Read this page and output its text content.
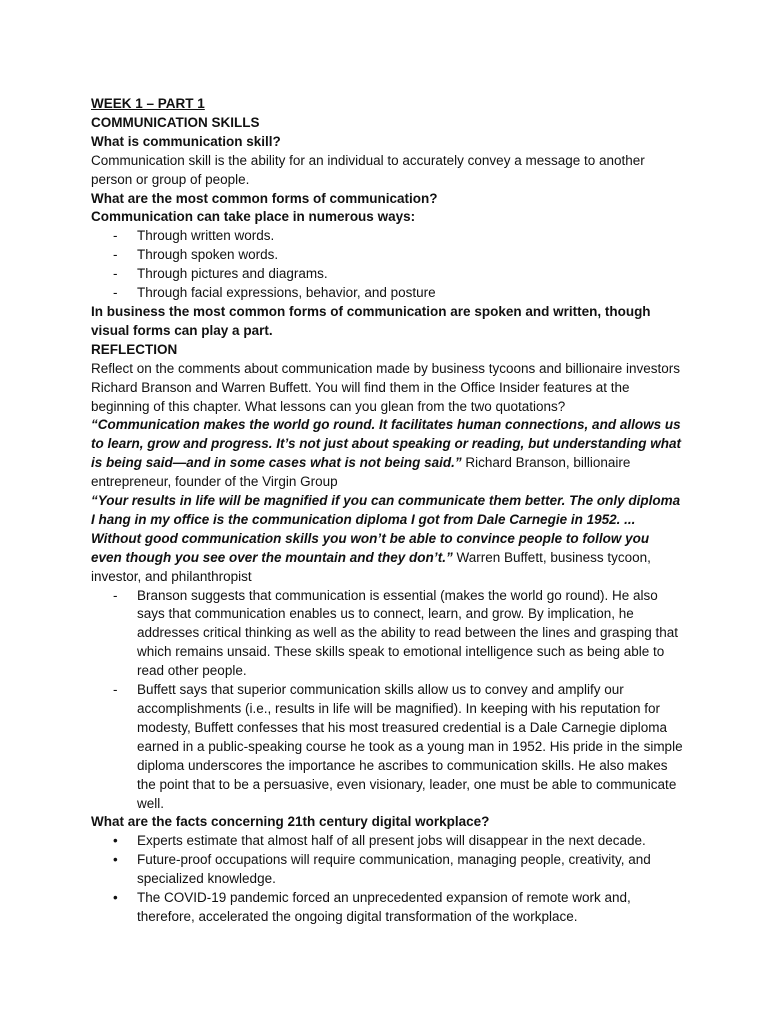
WEEK 1 – PART 1

COMMUNICATION SKILLS

What is communication skill?

Communication skill is the ability for an individual to accurately convey a message to another person or group of people.

What are the most common forms of communication?

Communication can take place in numerous ways:

- Through written words.
- Through spoken words.
- Through pictures and diagrams.
- Through facial expressions, behavior, and posture

In business the most common forms of communication are spoken and written, though visual forms can play a part.

REFLECTION

Reflect on the comments about communication made by business tycoons and billionaire investors Richard Branson and Warren Buffett. You will find them in the Office Insider features at the beginning of this chapter. What lessons can you glean from the two quotations?

“Communication makes the world go round. It facilitates human connections, and allows us to learn, grow and progress. It’s not just about speaking or reading, but understanding what is being said—and in some cases what is not being said.” Richard Branson, billionaire entrepreneur, founder of the Virgin Group

“Your results in life will be magnified if you can communicate them better. The only diploma I hang in my office is the communication diploma I got from Dale Carnegie in 1952. ... Without good communication skills you won’t be able to convince people to follow you even though you see over the mountain and they don’t.” Warren Buffett, business tycoon, investor, and philanthropist

- Branson suggests that communication is essential (makes the world go round). He also says that communication enables us to connect, learn, and grow. By implication, he addresses critical thinking as well as the ability to read between the lines and grasping that which remains unsaid. These skills speak to emotional intelligence such as being able to read other people.
- Buffett says that superior communication skills allow us to convey and amplify our accomplishments (i.e., results in life will be magnified). In keeping with his reputation for modesty, Buffett confesses that his most treasured credential is a Dale Carnegie diploma earned in a public-speaking course he took as a young man in 1952. His pride in the simple diploma underscores the importance he ascribes to communication skills. He also makes the point that to be a persuasive, even visionary, leader, one must be able to communicate well.

What are the facts concerning 21th century digital workplace?

• Experts estimate that almost half of all present jobs will disappear in the next decade.
• Future-proof occupations will require communication, managing people, creativity, and specialized knowledge.
• The COVID-19 pandemic forced an unprecedented expansion of remote work and, therefore, accelerated the ongoing digital transformation of the workplace.
